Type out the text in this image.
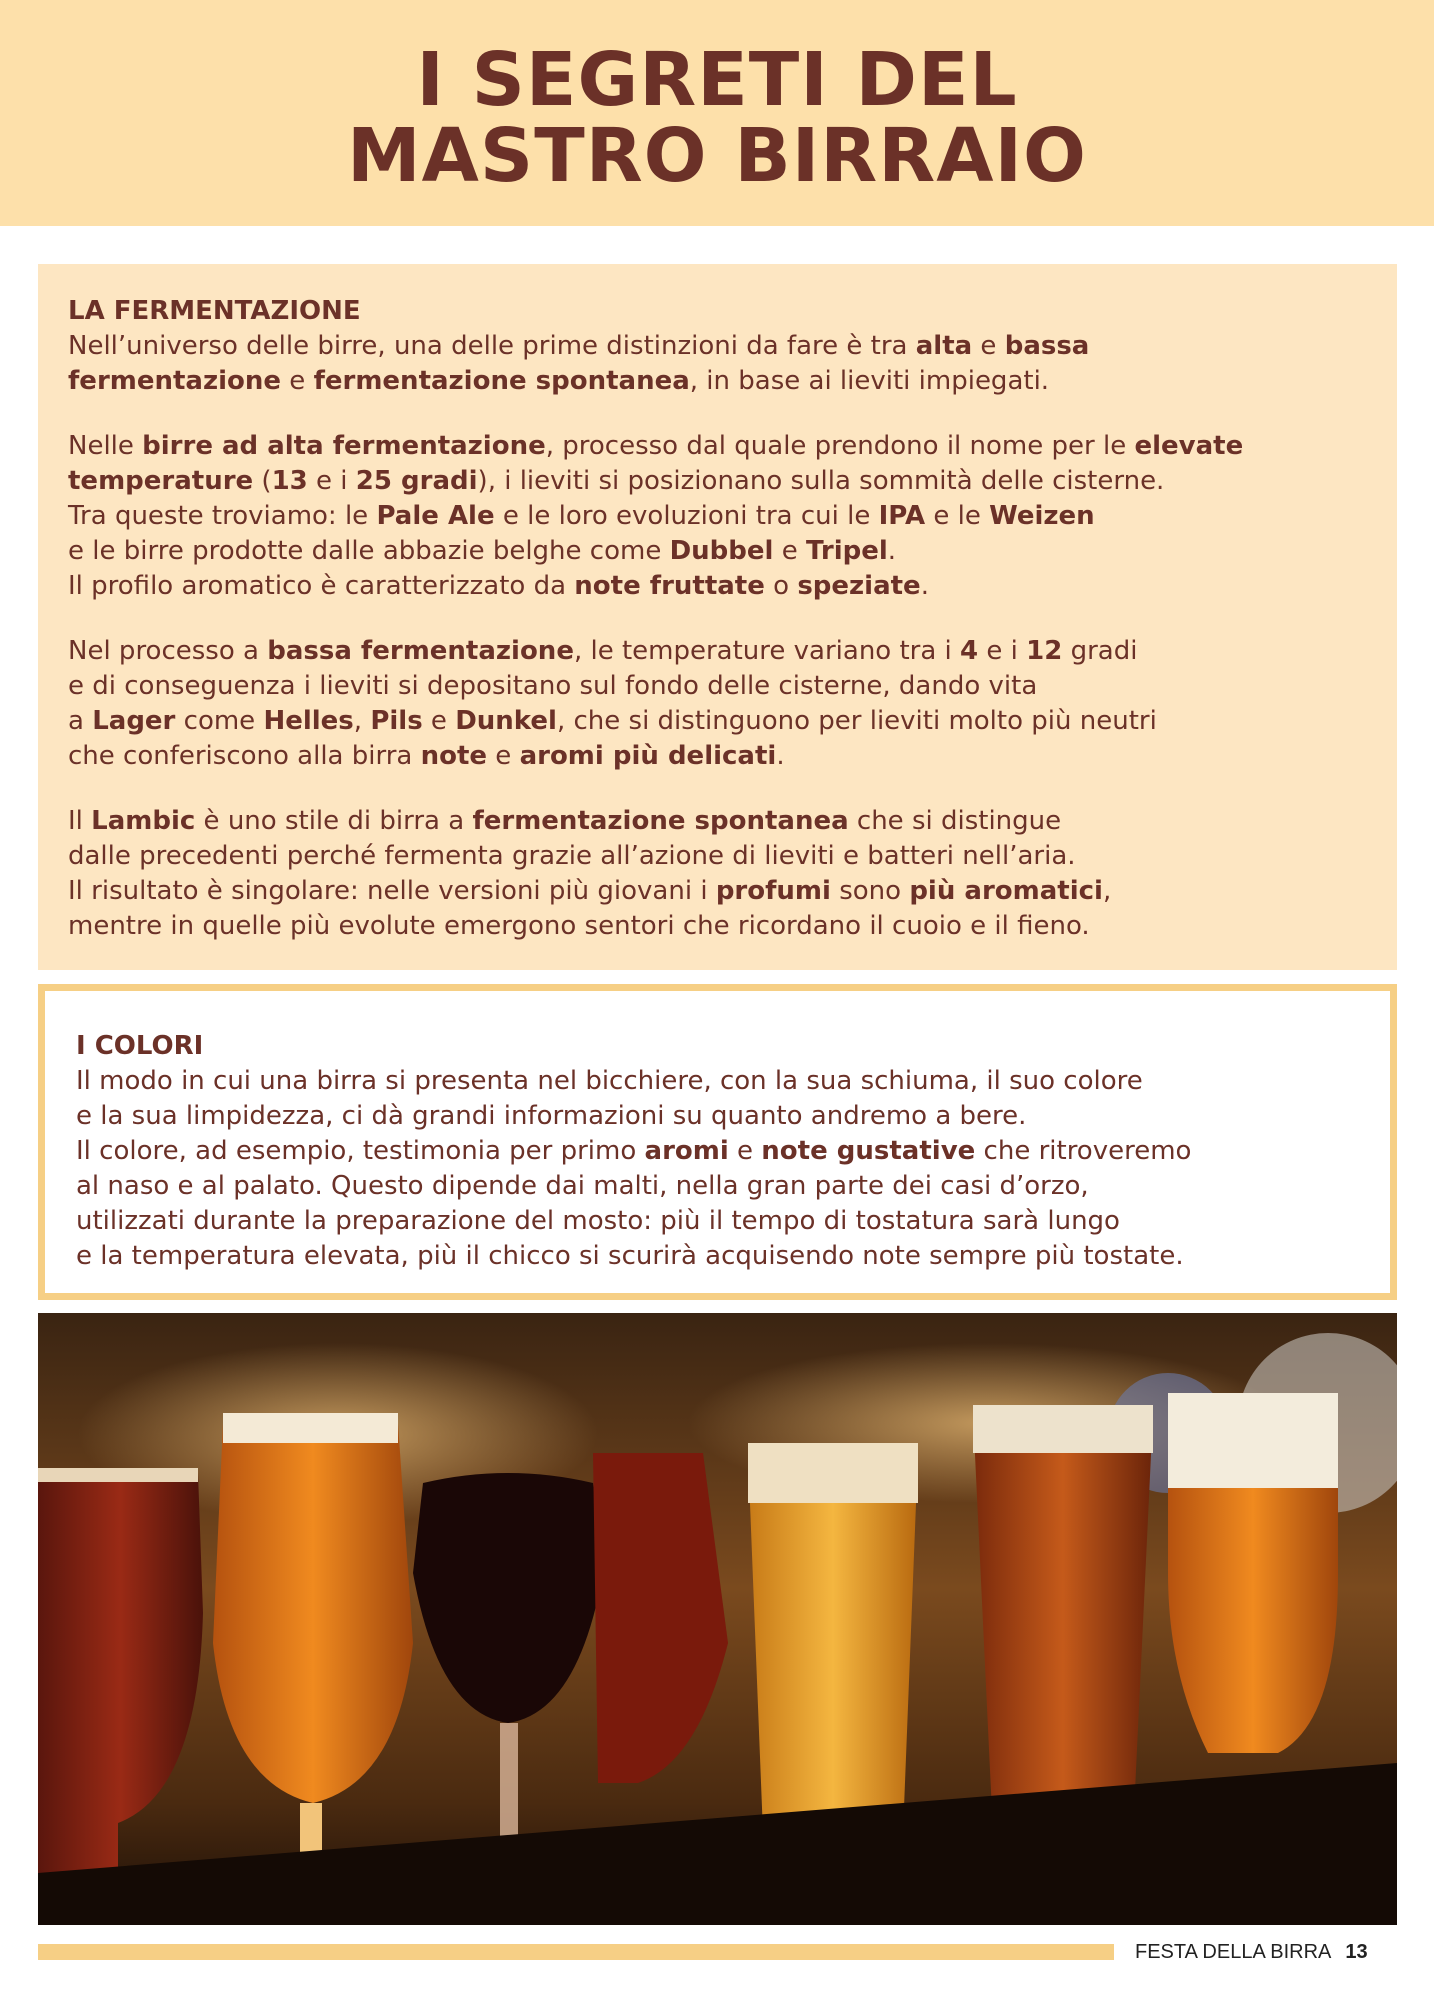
I SEGRETI DEL
MASTRO BIRRAIO
LA FERMENTAZIONE
Nell’universo delle birre, una delle prime distinzioni da fare è tra alta e bassa
fermentazione e fermentazione spontanea, in base ai lieviti impiegati.
Nelle birre ad alta fermentazione, processo dal quale prendono il nome per le elevate
temperature (13 e i 25 gradi), i lieviti si posizionano sulla sommità delle cisterne.
Tra queste troviamo: le Pale Ale e le loro evoluzioni tra cui le IPA e le Weizen
e le birre prodotte dalle abbazie belghe come Dubbel e Tripel.
Il profilo aromatico è caratterizzato da note fruttate o speziate.
Nel processo a bassa fermentazione, le temperature variano tra i 4 e i 12 gradi
e di conseguenza i lieviti si depositano sul fondo delle cisterne, dando vita
a Lager come Helles, Pils e Dunkel, che si distinguono per lieviti molto più neutri
che conferiscono alla birra note e aromi più delicati.
Il Lambic è uno stile di birra a fermentazione spontanea che si distingue
dalle precedenti perché fermenta grazie all’azione di lieviti e batteri nell’aria.
Il risultato è singolare: nelle versioni più giovani i profumi sono più aromatici,
mentre in quelle più evolute emergono sentori che ricordano il cuoio e il fieno.
I COLORI
Il modo in cui una birra si presenta nel bicchiere, con la sua schiuma, il suo colore
e la sua limpidezza, ci dà grandi informazioni su quanto andremo a bere.
Il colore, ad esempio, testimonia per primo aromi e note gustative che ritroveremo
al naso e al palato. Questo dipende dai malti, nella gran parte dei casi d’orzo,
utilizzati durante la preparazione del mosto: più il tempo di tostatura sarà lungo
e la temperatura elevata, più il chicco si scurirà acquisendo note sempre più tostate.
FESTA DELLA BIRRA 13
